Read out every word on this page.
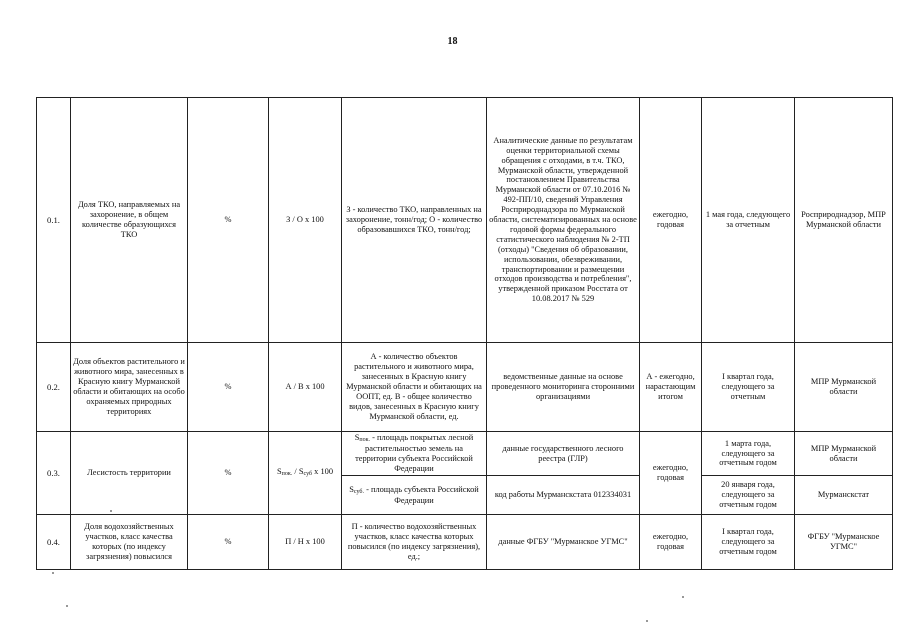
18
0.1.	Доля ТКО, направляемых на захоронение, в общем количестве образующихся ТКО	%	З / О х 100	З - количество ТКО, направленных на захоронение, тонн/год; О - количество образовавшихся ТКО, тонн/год;	Аналитические данные по результатам оценки территориальной схемы обращения с отходами, в т.ч. ТКО, Мурманской области, утвержденной постановлением Правительства Мурманской области от 07.10.2016 № 492-ПП/10, сведений Управления Росприроднадзора по Мурманской области, систематизированных на основе годовой формы федерального статистического наблюдения № 2-ТП (отходы) "Сведения об образовании, использовании, обезвреживании, транспортировании и размещении отходов производства и потребления", утвержденной приказом Росстата от 10.08.2017 № 529	ежегодно, годовая	1 мая года, следующего за отчетным	Росприроднадзор, МПР Мурманской области
0.2.	Доля объектов растительного и животного мира, занесенных в Красную книгу Мурманской области и обитающих на особо охраняемых природных территориях	%	А / В х 100	А - количество объектов растительного и животного мира, занесенных в Красную книгу Мурманской области и обитающих на ООПТ, ед. В - общее количество видов, занесенных в Красную книгу Мурманской области, ед.	ведомственные данные на основе проведенного мониторинга сторонними организациями	А - ежегодно, нарастающим итогом	I квартал года, следующего за отчетным	МПР Мурманской области
0.3.	Лесистость территории	%	Sпок. / Sсуб х 100	Sпок. - площадь покрытых лесной растительностью земель на территории субъекта Российской Федерации	данные государственного лесного реестра (ГЛР)	ежегодно, годовая	1 марта года, следующего за отчетным годом	МПР Мурманской области
				Sсуб. - площадь субъекта Российской Федерации	код работы Мурманскстата 012334031		20 января года, следующего за отчетным годом	Мурманскстат
0.4.	Доля водохозяйственных участков, класс качества которых (по индексу загрязнения) повысился	%	П / Н х 100	П - количество водохозяйственных участков, класс качества которых повысился (по индексу загрязнения), ед.;	данные ФГБУ "Мурманское УГМС"	ежегодно, годовая	I квартал года, следующего за отчетным годом	ФГБУ "Мурманское УГМС"
